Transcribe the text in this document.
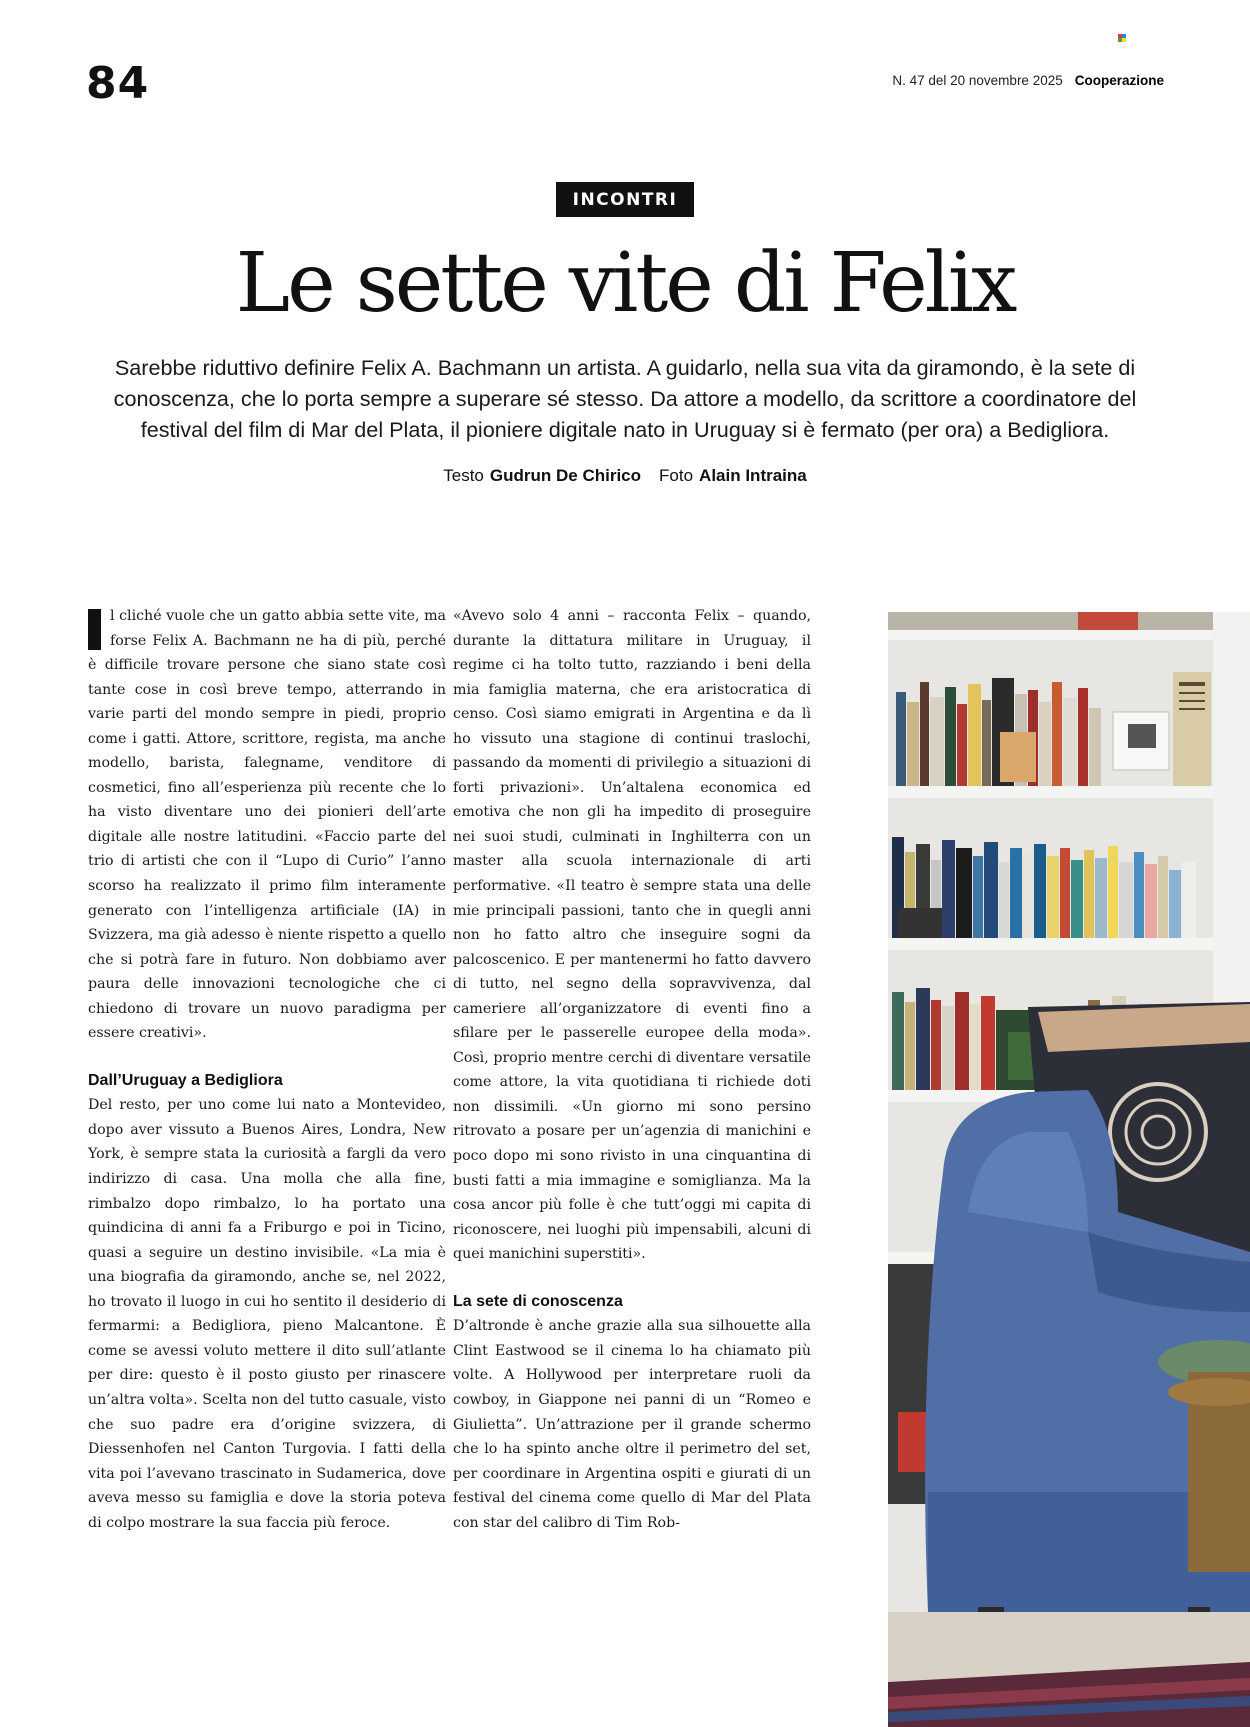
84	N. 47 del 20 novembre 2025 Cooperazione
INCONTRI
Le sette vite di Felix

Sarebbe riduttivo definire Felix A. Bachmann un artista. A guidarlo, nella sua vita da giramondo, è la sete di conoscenza, che lo porta sempre a superare sé stesso. Da attore a modello, da scrittore a coordinatore del festival del film di Mar del Plata, il pioniere digitale nato in Uruguay si è fermato (per ora) a Bedigliora.

Testo Gudrun De Chirico Foto Alain Intraina

l cliché vuole che un gatto abbia sette vite, ma forse Felix A. Bachmann ne ha di più, perché è difficile trovare persone che siano state così tante cose in così breve tempo, atterrando in varie parti del mondo sempre in piedi, proprio come i gatti. Attore, scrittore, regista, ma anche modello, barista, falegname, venditore di cosmetici, fino all’esperienza più recente che lo ha visto diventare uno dei pionieri dell’arte digitale alle nostre latitudini. «Faccio parte del trio di artisti che con il “Lupo di Curio” l’anno scorso ha realizzato il primo film interamente generato con l’intelligenza artificiale (IA) in Svizzera, ma già adesso è niente rispetto a quello che si potrà fare in futuro. Non dobbiamo aver paura delle innovazioni tecnologiche che ci chiedono di trovare un nuovo paradigma per essere creativi».

Dall’Uruguay a Bedigliora

Del resto, per uno come lui nato a Montevideo, dopo aver vissuto a Buenos Aires, Londra, New York, è sempre stata la curiosità a fargli da vero indirizzo di casa. Una molla che alla fine, rimbalzo dopo rimbalzo, lo ha portato una quindicina di anni fa a Friburgo e poi in Ticino, quasi a seguire un destino invisibile. «La mia è una biografia da giramondo, anche se, nel 2022, ho trovato il luogo in cui ho sentito il desiderio di fermarmi: a Bedigliora, pieno Malcantone. È come se avessi voluto mettere il dito sull’atlante per dire: questo è il posto giusto per rinascere un’altra volta». Scelta non del tutto casuale, visto che suo padre era d’origine svizzera, di Diessenhofen nel Canton Turgovia. I fatti della vita poi l’avevano trascinato in Sudamerica, dove aveva messo su famiglia e dove la storia poteva di colpo mostrare la sua faccia più feroce.

«Avevo solo 4 anni – racconta Felix – quando, durante la dittatura militare in Uruguay, il regime ci ha tolto tutto, razziando i beni della mia famiglia materna, che era aristocratica di censo. Così siamo emigrati in Argentina e da lì ho vissuto una stagione di continui traslochi, passando da momenti di privilegio a situazioni di forti privazioni». Un’altalena economica ed emotiva che non gli ha impedito di proseguire nei suoi studi, culminati in Inghilterra con un master alla scuola internazionale di arti performative. «Il teatro è sempre stata una delle mie principali passioni, tanto che in quegli anni non ho fatto altro che inseguire sogni da palcoscenico. E per mantenermi ho fatto davvero di tutto, nel segno della sopravvivenza, dal cameriere all’organizzatore di eventi fino a sfilare per le passerelle europee della moda». Così, proprio mentre cerchi di diventare versatile come attore, la vita quotidiana ti richiede doti non dissimili. «Un giorno mi sono persino ritrovato a posare per un’agenzia di manichini e poco dopo mi sono rivisto in una cinquantina di busti fatti a mia immagine e somiglianza. Ma la cosa ancor più folle è che tutt’oggi mi capita di riconoscere, nei luoghi più impensabili, alcuni di quei manichini superstiti».

La sete di conoscenza

D’altronde è anche grazie alla sua silhouette alla Clint Eastwood se il cinema lo ha chiamato più volte. A Hollywood per interpretare ruoli da cowboy, in Giappone nei panni di un “Romeo e Giulietta”. Un’attrazione per il grande schermo che lo ha spinto anche oltre il perimetro del set, per coordinare in Argentina ospiti e giurati di un festival del cinema come quello di Mar del Plata con star del calibro di Tim Rob-
